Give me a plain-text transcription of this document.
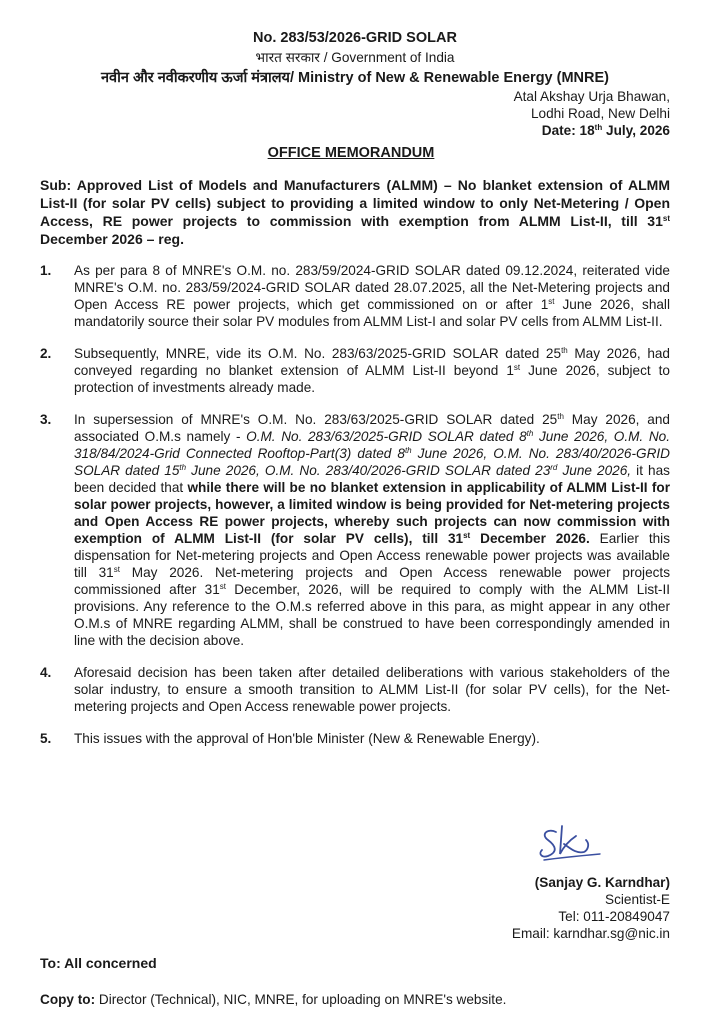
No. 283/53/2026-GRID SOLAR
भारत सरकार / Government of India
नवीन और नवीकरणीय ऊर्जा मंत्रालय/ Ministry of New & Renewable Energy (MNRE)
Atal Akshay Urja Bhawan,
Lodhi Road, New Delhi
Date: 18th July, 2026
OFFICE MEMORANDUM
Sub: Approved List of Models and Manufacturers (ALMM) – No blanket extension of ALMM List-II (for solar PV cells) subject to providing a limited window to only Net-Metering / Open Access, RE power projects to commission with exemption from ALMM List-II, till 31st December 2026 – reg.
1.	As per para 8 of MNRE's O.M. no. 283/59/2024-GRID SOLAR dated 09.12.2024, reiterated vide MNRE's O.M. no. 283/59/2024-GRID SOLAR dated 28.07.2025, all the Net-Metering projects and Open Access RE power projects, which get commissioned on or after 1st June 2026, shall mandatorily source their solar PV modules from ALMM List-I and solar PV cells from ALMM List-II.
2.	Subsequently, MNRE, vide its O.M. No. 283/63/2025-GRID SOLAR dated 25th May 2026, had conveyed regarding no blanket extension of ALMM List-II beyond 1st June 2026, subject to protection of investments already made.
3.	In supersession of MNRE's O.M. No. 283/63/2025-GRID SOLAR dated 25th May 2026, and associated O.M.s namely - O.M. No. 283/63/2025-GRID SOLAR dated 8th June 2026, O.M. No. 318/84/2024-Grid Connected Rooftop-Part(3) dated 8th June 2026, O.M. No. 283/40/2026-GRID SOLAR dated 15th June 2026, O.M. No. 283/40/2026-GRID SOLAR dated 23rd June 2026, it has been decided that while there will be no blanket extension in applicability of ALMM List-II for solar power projects, however, a limited window is being provided for Net-metering projects and Open Access RE power projects, whereby such projects can now commission with exemption of ALMM List-II (for solar PV cells), till 31st December 2026. Earlier this dispensation for Net-metering projects and Open Access renewable power projects was available till 31st May 2026. Net-metering projects and Open Access renewable power projects commissioned after 31st December, 2026, will be required to comply with the ALMM List-II provisions. Any reference to the O.M.s referred above in this para, as might appear in any other O.M.s of MNRE regarding ALMM, shall be construed to have been correspondingly amended in line with the decision above.
4.	Aforesaid decision has been taken after detailed deliberations with various stakeholders of the solar industry, to ensure a smooth transition to ALMM List-II (for solar PV cells), for the Net-metering projects and Open Access renewable power projects.
5.	This issues with the approval of Hon'ble Minister (New & Renewable Energy).
(Sanjay G. Karndhar)
Scientist-E
Tel: 011-20849047
Email: karndhar.sg@nic.in
To: All concerned
Copy to: Director (Technical), NIC, MNRE, for uploading on MNRE's website.
